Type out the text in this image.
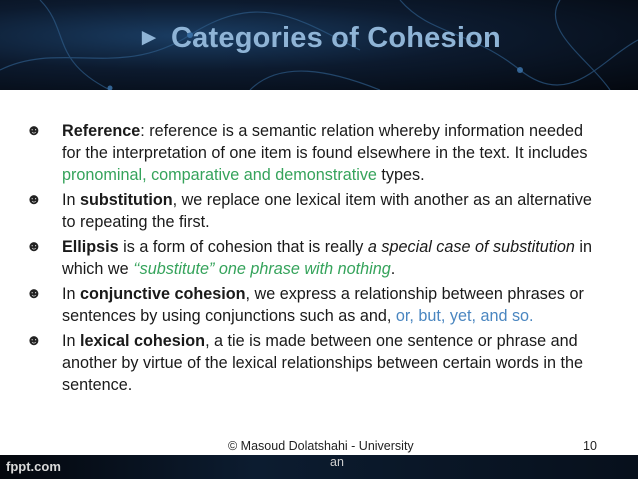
► Categories of Cohesion
☻ Reference: reference is a semantic relation whereby information needed for the interpretation of one item is found elsewhere in the text. It includes pronominal, comparative and demonstrative types.
☻ In substitution, we replace one lexical item with another as an alternative to repeating the first.
☻ Ellipsis is a form of cohesion that is really a special case of substitution in which we ‘‘substitute” one phrase with nothing.
☻ In conjunctive cohesion, we express a relationship between phrases or sentences by using conjunctions such as and, or, but, yet, and so.
☻ In lexical cohesion, a tie is made between one sentence or phrase and another by virtue of the lexical relationships between certain words in the sentence.
© Masoud Dolatshahi - University	10
fppt.com	an
